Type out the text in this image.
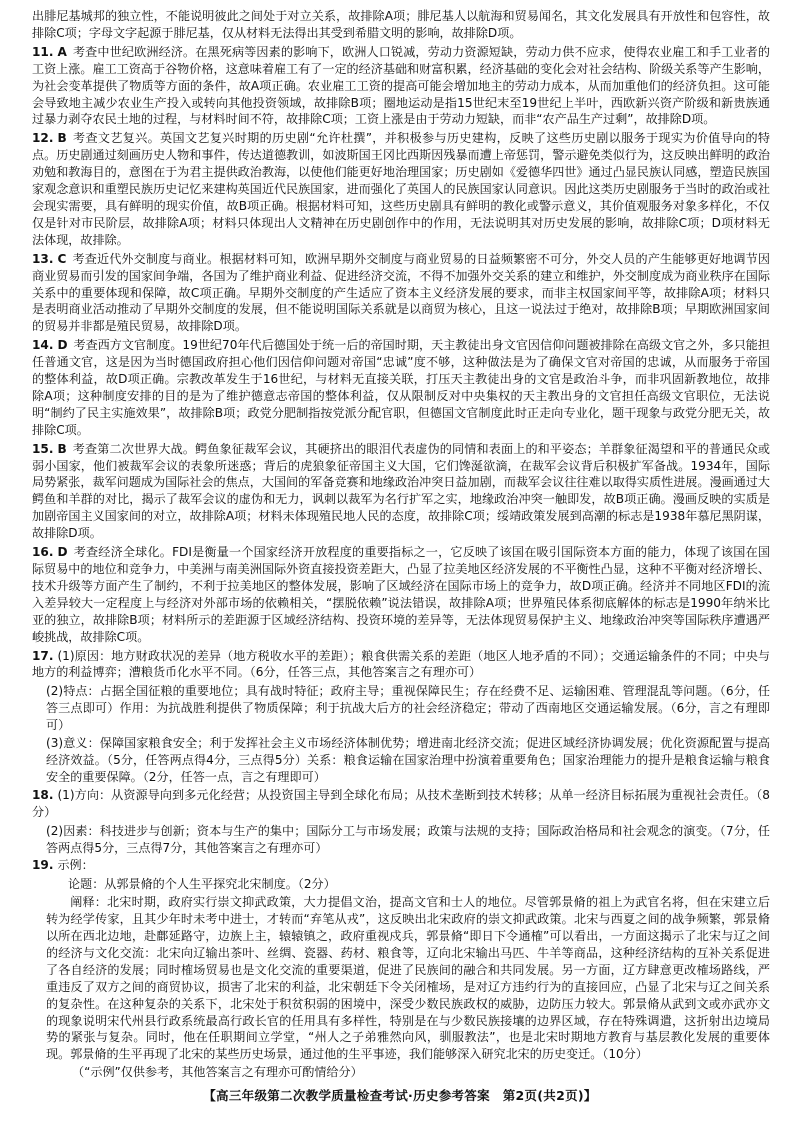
出腓尼基城邦的独立性，不能说明彼此之间处于对立关系，故排除A项；腓尼基人以航海和贸易闻名，其文化发展具有开放性和包容性，故排除C项；字母文字起源于腓尼基，仅从材料无法得出其受到希腊文明的影响，故排除D项。

11. A 考查中世纪欧洲经济。在黑死病等因素的影响下，欧洲人口锐减，劳动力资源短缺，劳动力供不应求，使得农业雇工和手工业者的工资上涨。雇工工资高于谷物价格，这意味着雇工有了一定的经济基础和财富积累，经济基础的变化会对社会结构、阶级关系等产生影响，为社会变革提供了物质等方面的条件，故A项正确。农业雇工工资的提高可能会增加地主的劳动力成本，从而加重他们的经济负担。这可能会导致地主减少农业生产投入或转向其他投资领域，故排除B项；圈地运动是指15世纪末至19世纪上半叶，西欧新兴资产阶级和新贵族通过暴力剥夺农民土地的过程，与材料时间不符，故排除C项；工资上涨是由于劳动力短缺，而非“农产品生产过剩”，故排除D项。

12. B 考查文艺复兴。英国文艺复兴时期的历史剧“允许杜撰”，并积极参与历史建构，反映了这些历史剧以服务于现实为价值导向的特点。历史剧通过刻画历史人物和事件，传达道德教训，如波斯国王冈比西斯因残暴而遭上帝惩罚，警示避免类似行为，这反映出鲜明的政治劝勉和教海目的，意图在于为君主提供政治教海，以使他们能更好地治理国家；历史剧如《爱德华四世》通过凸显民族认同感，塑造民族国家观念意识和重塑民族历史记忆来建构英国近代民族国家，进而强化了英国人的民族国家认同意识。因此这类历史剧服务于当时的政治或社会现实需要，具有鲜明的现实价值，故B项正确。根据材料可知，这些历史剧具有鲜明的教化或警示意义，其价值观服务对象多样化，不仅仅是针对市民阶层，故排除A项；材料只体现出人文精神在历史剧创作中的作用，无法说明其对历史发展的影响，故排除C项；D项材料无法体现，故排除。

13. C 考查近代外交制度与商业。根据材料可知，欧洲早期外交制度与商业贸易的日益频繁密不可分，外交人员的产生能够更好地调节因商业贸易而引发的国家间争端，各国为了维护商业利益、促进经济交流，不得不加强外交关系的建立和维护，外交制度成为商业秩序在国际关系中的重要体现和保障，故C项正确。早期外交制度的产生适应了资本主义经济发展的要求，而非主权国家间平等，故排除A项；材料只是表明商业活动推动了早期外交制度的发展，但不能说明国际关系就是以商贸为核心，且这一说法过于绝对，故排除B项；早期欧洲国家间的贸易并非都是殖民贸易，故排除D项。

14. D 考查西方文官制度。19世纪70年代后德国处于统一后的帝国时期，天主教徒出身文官因信仰问题被排除在高级文官之外，多只能担任普通文官，这是因为当时德国政府担心他们因信仰问题对帝国“忠诚”度不够，这种做法是为了确保文官对帝国的忠诚，从而服务于帝国的整体利益，故D项正确。宗教改革发生于16世纪，与材料无直接关联，打压天主教徒出身的文官是政治斗争，而非巩固新教地位，故排除A项；这种制度安排的目的是为了维护德意志帝国的整体利益，仅从限制反对中央集权的天主教出身的文官担任高级文官职位，无法说明“制约了民主实施效果”，故排除B项；政党分肥制指按党派分配官职，但德国文官制度此时正走向专业化，题干现象与政党分肥无关，故排除C项。

15. B 考查第二次世界大战。鳄鱼象征裁军会议，其硬挤出的眼泪代表虚伪的同情和表面上的和平姿态；羊群象征渴望和平的普通民众或弱小国家，他们被裁军会议的表象所迷惑；背后的虎狼象征帝国主义大国，它们馋涎欲滴，在裁军会议背后积极扩军备战。1934年，国际局势紧张，裁军问题成为国际社会的焦点，大国间的军备竞赛和地缘政治冲突日益加剧，而裁军会议往往难以取得实质性进展。漫画通过大鳄鱼和羊群的对比，揭示了裁军会议的虚伪和无力，讽刺以裁军为名行扩军之实，地缘政治冲突一触即发，故B项正确。漫画反映的实质是加剧帝国主义国家间的对立，故排除A项；材料未体现殖民地人民的态度，故排除C项；绥靖政策发展到高潮的标志是1938年慕尼黑阴谋，故排除D项。

16. D 考查经济全球化。FDI是衡量一个国家经济开放程度的重要指标之一，它反映了该国在吸引国际资本方面的能力，体现了该国在国际贸易中的地位和竞争力，中美洲与南美洲国际外资直接投资差距大，凸显了拉美地区经济发展的不平衡性凸显，这种不平衡对经济增长、技术升级等方面产生了制约，不利于拉美地区的整体发展，影响了区域经济在国际市场上的竞争力，故D项正确。经济并不同地区FDI的流入差异较大一定程度上与经济对外部市场的依赖相关，“摆脱依赖”说法错误，故排除A项；世界殖民体系彻底解体的标志是1990年纳米比亚的独立，故排除B项；材料所示的差距源于区域经济结构、投资环境的差异等，无法体现贸易保护主义、地缘政治冲突等国际秩序遭遇严峻挑战，故排除C项。

17. (1)原因：地方财政状况的差异（地方税收水平的差距）；粮食供需关系的差距（地区人地矛盾的不同）；交通运输条件的不同；中央与地方的利益博弈；漕粮货币化水平不同。（6分，任答三点，其他答案言之有理亦可）

(2)特点：占据全国征粮的重要地位；具有战时特征；政府主导；重视保障民生；存在经费不足、运输困难、管理混乱等问题。（6分，任答三点即可）作用：为抗战胜利提供了物质保障；利于抗战大后方的社会经济稳定；带动了西南地区交通运输发展。（6分，言之有理即可）

(3)意义：保障国家粮食安全；利于发挥社会主义市场经济体制优势；增进南北经济交流；促进区域经济协调发展；优化资源配置与提高经济效益。（5分，任答两点得4分，三点得5分）关系：粮食运输在国家治理中扮演着重要角色；国家治理能力的提升是粮食运输与粮食安全的重要保障。（2分，任答一点，言之有理即可）

18. (1)方向：从资源导向到多元化经营；从投资国主导到全球化布局；从技术垄断到技术转移；从单一经济目标拓展为重视社会责任。（8分）

(2)因素：科技进步与创新；资本与生产的集中；国际分工与市场发展；政策与法规的支持；国际政治格局和社会观念的演变。（7分，任答两点得5分，三点得7分，其他答案言之有理亦可）

19. 示例：

论题：从郭景脩的个人生平探究北宋制度。（2分）

阐释：北宋时期，政府实行崇文抑武政策，大力提倡文治，提高文官和士人的地位。尽管郭景脩的祖上为武官名将，但在宋建立后转为经学传家，且其少年时未考中进士，才转而“弃笔从戎”，这反映出北宋政府的崇文抑武政策。北宋与西夏之间的战争频繁，郭景脩以所在西北边地，赴鄜延路守，边族上主，辕辕镇之，政府重视戍兵，郭景脩“即日下令通榷”可以看出，一方面这揭示了北宋与辽之间的经济与文化交流：北宋向辽输出茶叶、丝绸、瓷器、药材、粮食等，辽向北宋输出马匹、牛羊等商品，这种经济结构的互补关系促进了各自经济的发展；同时榷场贸易也是文化交流的重要渠道，促进了民族间的融合和共同发展。另一方面，辽方肆意更改榷场路线，严重违反了双方之间的商贸协议，损害了北宋的利益，北宋朝廷下令关闭榷场，是对辽方违约行为的直接回应，凸显了北宋与辽之间关系的复杂性。在这种复杂的关系下，北宋处于积贫积弱的困境中，深受少数民族政权的威胁，边防压力较大。郭景脩从武到文或亦武亦文的现象说明宋代州县行政系统最高行政长官的任用具有多样性，特别是在与少数民族接壤的边界区域，存在特殊调遣，这折射出边境局势的紧张与复杂。同时，他在任职期间立学堂，“州人之子弟雅然向风，驯服教法”，也是北宋时期地方教育与基层教化发展的重要体现。郭景脩的生平再现了北宋的某些历史场景，通过他的生平事迹，我们能够深入研究北宋的历史变迁。（10分）

（“示例”仅供参考，其他答案言之有理亦可酌情给分）

【高三年级第二次教学质量检查考试·历史参考答案　第2页(共2页)】
